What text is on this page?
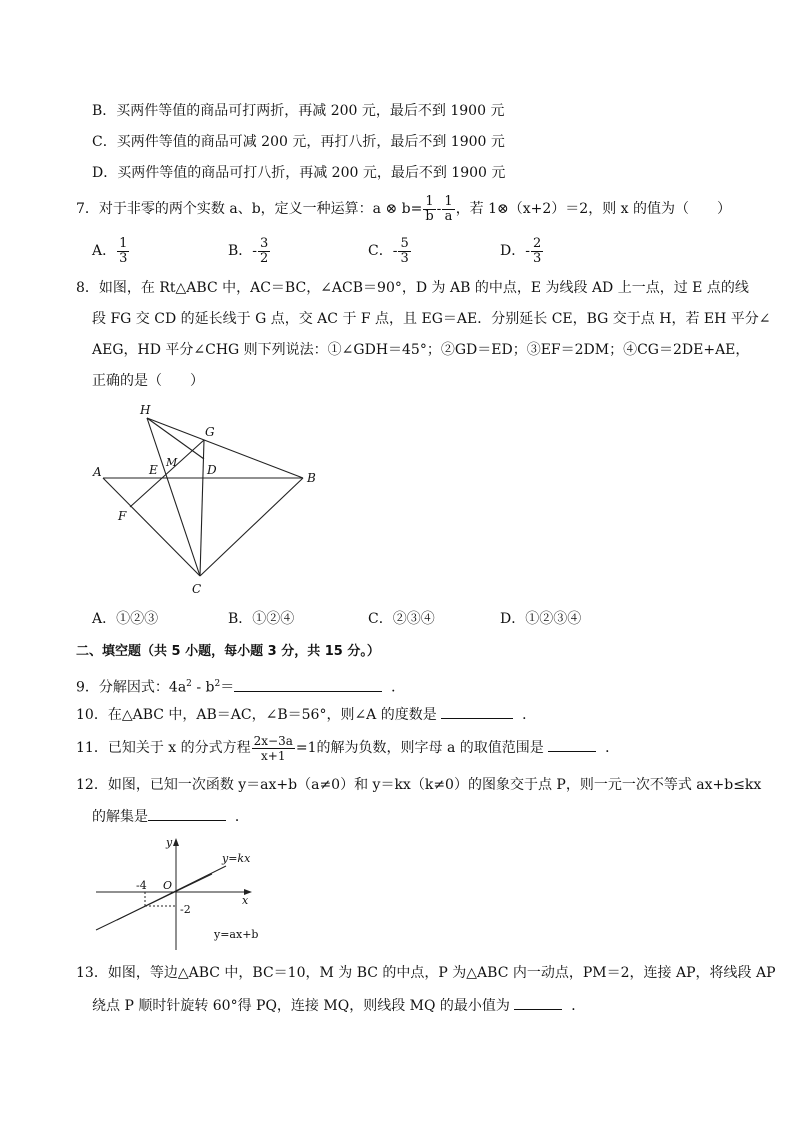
B．买两件等值的商品可打两折，再减 200 元，最后不到 1900 元
C．买两件等值的商品可减 200 元，再打八折，最后不到 1900 元
D．买两件等值的商品可打八折，再减 200 元，最后不到 1900 元
7．对于非零的两个实数 a、b，定义一种运算：a ⊗ $b= \frac{1}{b} - \frac{1}{a}$ ，若 1⊗（x+2）＝2，则 x 的值为（　　）
A． $\frac{1}{3}$	B．- $\frac{3}{2}$	C．- $\frac{5}{3}$	D．- $\frac{2}{3}$
8．如图，在 Rt△ABC 中，AC＝BC，∠ACB＝90°，D 为 AB 的中点，E 为线段 AD 上一点，过 E 点的线
段 FG 交 CD 的延长线于 G 点，交 AC 于 F 点，且 EG＝AE．分别延长 CE，BG 交于点 H，若 EH 平分∠
AEG，HD 平分∠CHG 则下列说法：①∠GDH＝45°；②GD＝ED；③EF＝2DM；④CG＝2DE+AE，
正确的是（　　）
H
G
A	E
M
D
B
F
C
A．①②③	B．①②④	C．②③④	D．①②③④
二、填空题（共 5 小题，每小题 3 分，共 15 分。）
9．分解因式：$4a^2 - b^2=$	．
10．在△ABC 中，AB＝AC，∠B＝56°，则∠A 的度数是	．
11．已知关于 x 的分式方程 $\frac{2x-3a}{x+1} =1$的解为负数，则字母 a 的取值范围是	．
12．如图，已知一次函数 y＝ax+b（a≠0）和 y＝kx（k≠0）的图象交于点 P，则一元一次不等式 ax+b≤kx
的解集是	．
y
x
O
-4
-2
y=kx
y=ax+b
13．如图，等边△ABC 中，BC＝10，M 为 BC 的中点，P 为△ABC 内一动点，PM＝2，连接 AP，将线段 AP
绕点 P 顺时针旋转 60°得 PQ，连接 MQ，则线段 MQ 的最小值为	．
